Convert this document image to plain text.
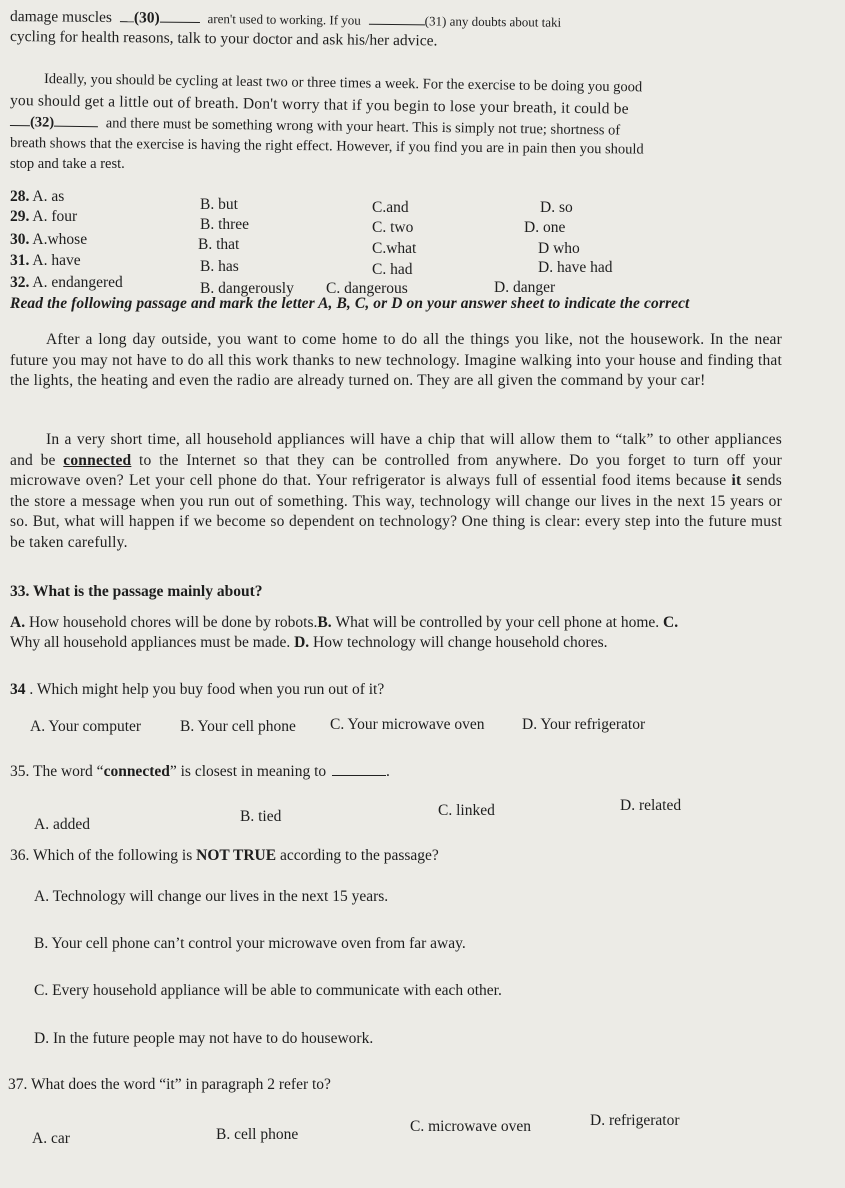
damage muscles (30)	aren't used to working. If you	(31) any doubts about taki
cycling for health reasons, talk to your doctor and ask his/her advice.
Ideally, you should be cycling at least two or three times a week. For the exercise to be doing you good
you should get a little out of breath. Don't worry that if you begin to lose your breath, it could be
(32)	and there must be something wrong with your heart. This is simply not true; shortness of
breath shows that the exercise is having the right effect. However, if you find you are in pain then you should
stop and take a rest.
28. A. as	B. but	C.and	D. so
29. A. four	B. three	C. two	D. one
30. A.whose	B. that	C.what	D who
31. A. have	B. has	C. had	D. have had
32. A. endangered	B. dangerously C. dangerous	D. danger
Read the following passage and mark the letter A, B, C, or D on your answer sheet to indicate the correct
After a long day outside, you want to come home to do all the things you like, not the housework. In the near future you may not have to do all this work thanks to new technology. Imagine walking into your house and finding that the lights, the heating and even the radio are already turned on. They are all given the command by your car!
In a very short time, all household appliances will have a chip that will allow them to “talk” to other appliances and be connected to the Internet so that they can be controlled from anywhere. Do you forget to turn off your microwave oven? Let your cell phone do that. Your refrigerator is always full of essential food items because it sends the store a message when you run out of something. This way, technology will change our lives in the next 15 years or so. But, what will happen if we become so dependent on technology? One thing is clear: every step into the future must be taken carefully.
33. What is the passage mainly about?
A. How household chores will be done by robots.B. What will be controlled by your cell phone at home. C.
Why all household appliances must be made. D. How technology will change household chores.
34 . Which might help you buy food when you run out of it?
A. Your computer	B. Your cell phone C. Your microwave oven D. Your refrigerator
35. The word “connected” is closest in meaning to	.
A. added	B. tied	C. linked	D. related
36. Which of the following is NOT TRUE according to the passage?
A. Technology will change our lives in the next 15 years.
B. Your cell phone can’t control your microwave oven from far away.
C. Every household appliance will be able to communicate with each other.
D. In the future people may not have to do housework.
37. What does the word “it” in paragraph 2 refer to?
A. car	B. cell phone	C. microwave oven	D. refrigerator
